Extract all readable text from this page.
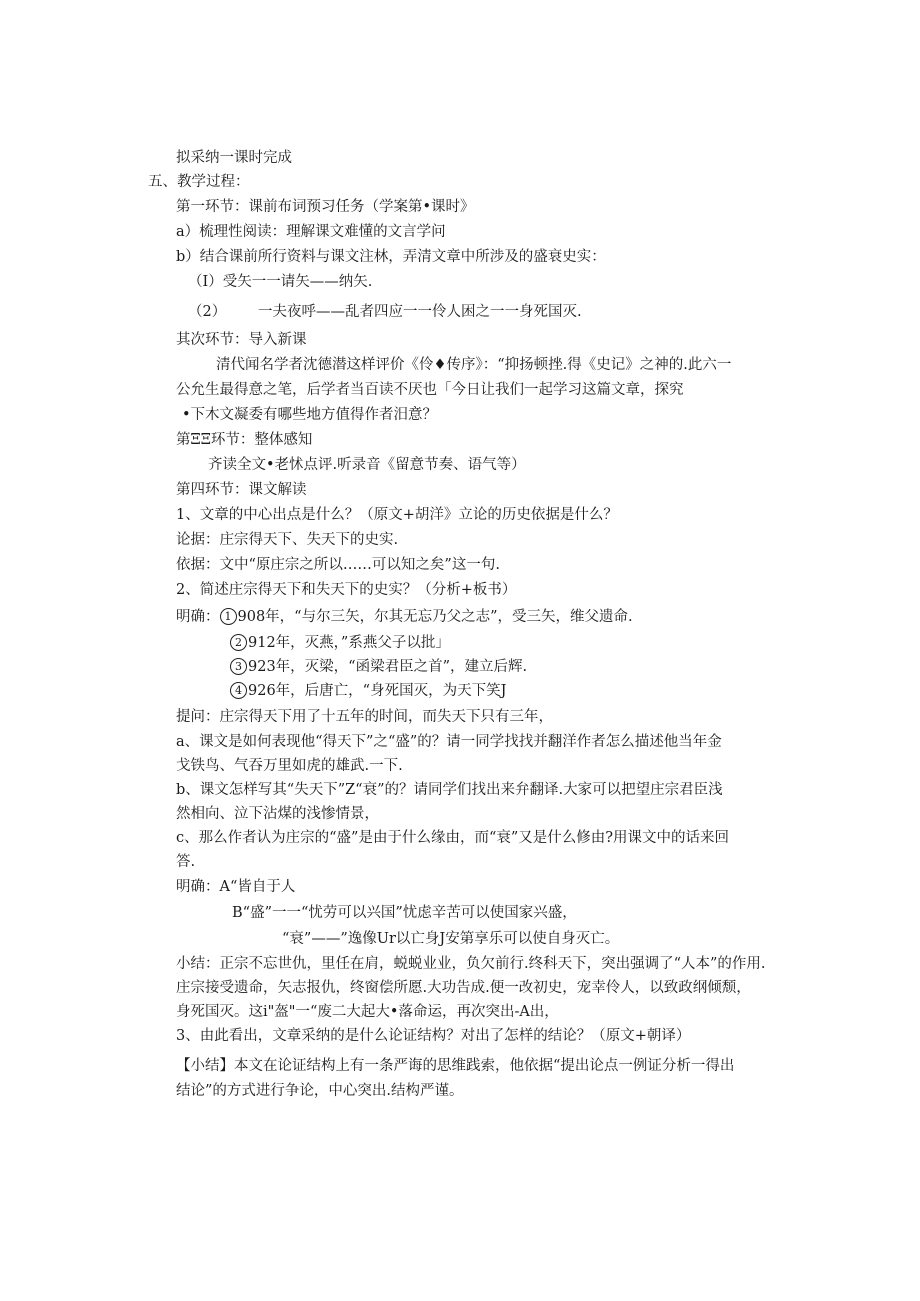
拟采纳一课时完成
五、教学过程：
第一环节：课前布词预习任务（学案第•课时》
a）梳理性阅读：理解课文难懂的文言学问
b）结合课前所行资料与课文注林，弄清文章中所涉及的盛衰史实：
（I）受矢一一请矢——纳矢.
（2） 一夫夜呼——乱者四应一一伶人困之一一身死国灭.
其次环节：导入新课
清代闻名学者沈德潜这样评价《伶♦传序》：“抑扬顿挫.得《史记》之神的.此六一
公允生最得意之笔，后学者当百读不厌也「今日让我们一起学习这篇文章，探究
•下木文凝委有哪些地方值得作者汨意？
第ΞΞ环节：整体感知
齐读全文•老怵点评.听录音《留意节奏、语气等）
第四环节：课文解读
1、文章的中心出点是什么？（原文+胡洋》立论的历史依据是什么？
论据：庄宗得天下、失天下的史实.
依据：文中“原庄宗之所以……可以知之矣”这一句.
2、简述庄宗得天下和失天下的史实？（分析+板书）
明确： 1 908年，“与尔三矢，尔其无忘乃父之志”，受三矢，维父遗命.
2 912年，灭燕，”系燕父子以批」
3 923年，灭梁，“函梁君臣之首”，建立后辉.
4 926年，后唐亡，“身死国灭，为天下笑J
提问：庄宗得天下用了十五年的时间，而失天下只有三年，
a、课文是如何表现他“得天下”之“盛”的？请一同学找找并翻洋作者怎么描述他当年金
戈铁鸟、气吞万里如虎的雄武.一下.
b、课文怎样写其“失天下”Z“衰”的？请同学们找出来弁翻译.大家可以把望庄宗君臣浅
然相向、泣下沾煤的浅惨情景，
c、那么作者认为庄宗的“盛”是由于什么缘由，而“衰”又是什么修由?用课文中的话来回
答.
明确：A“皆自于人
B“盛”一一“忧劳可以兴国”忧虑辛苦可以使国家兴盛，
“衰”——”逸像Ur以亡身J安第享乐可以使自身灭亡。
小结：正宗不忘世仇，里任在肩，蜕蜕业业，负欠前行.终科天下，突出强调了“人本”的作用.
庄宗接受遗命，矢志报仇，终窗偿所愿.大功告成.便一改初史，宠幸伶人，以致政纲倾颓，
身死国灭。这i"盔"一“废二大起大•落命运，再次突出-A出，
3、由此看出，文章采纳的是什么论证结构？对出了怎样的结论？（原文+朝译）
【小结】本文在论证结构上有一条严诲的思维践索，他依据“提出论点一例证分析一得出
结论”的方式进行争论，中心突出.结构严谨。
